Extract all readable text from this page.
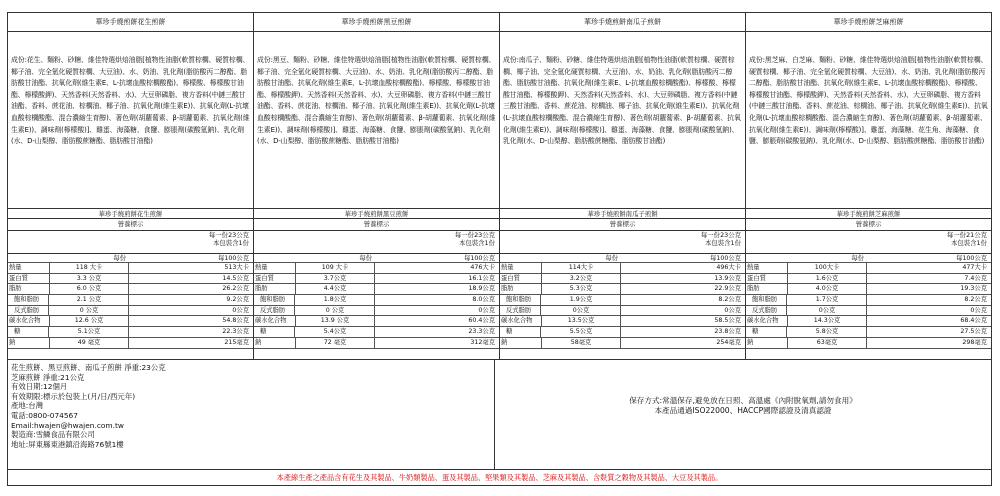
華珍手燒煎餅花生煎餅
成份:花生、麵粉、砂糖、維佳特選烘焙油脂[植物性油脂(軟質棕櫚、硬質棕櫚、椰子油、完全氫化硬質棕櫚、大豆油)、水、奶油、乳化劑(脂肪酸丙二醇酯、脂肪酸甘油酯、抗氧化劑(維生素E、L-抗壞血酸棕櫚酸酯)、檸檬酸、檸檬酸甘油酯、檸檬酸鉀)、天然香料(天然香料、水)、大豆卵磷脂、複方香料(中鏈三酸甘油酯、香料、蔗花油、棕櫚油、椰子油、抗氧化劑(維生素E))、抗氧化劑(L-抗壞血酸棕櫚酸酯、混合濃縮生育醇)、著色劑(胡蘿蔔素、β-胡蘿蔔素、抗氧化劑(維生素E))、調味劑(檸檬酸)]、雞蛋、海藻糖、食鹽、膨脹劑(碳酸氫鈉)、乳化劑(水、D-山梨醇、脂肪酸蔗糖酯、脂肪酸甘油酯)
華珍手燒煎餅花生煎餅
營養標示
每一份23公克
本包裝含1份
每份	每100公克
熱量	118 大卡	513大卡
蛋白質	3.3 公克	14.5公克
脂肪	6.0 公克	26.2公克
飽和脂肪	2.1 公克	9.2公克
反式脂肪	0 公克	0公克
碳水化合物	12.6 公克	54.8公克
糖	5.1公克	22.3公克
鈉	49 毫克	215毫克
華珍手燒煎餅黑豆煎餅
成份:黑豆、麵粉、砂糖、維佳特選烘焙油脂[植物性油脂(軟質棕櫚、硬質棕櫚、椰子油、完全氫化硬質棕櫚、大豆油)、水、奶油、乳化劑(脂肪酸丙二醇酯、脂肪酸甘油酯、抗氧化劑(維生素E、L-抗壞血酸棕櫚酸酯)、檸檬酸、檸檬酸甘油酯、檸檬酸鉀)、天然香料(天然香料、水)、大豆卵磷脂、複方香料(中鏈三酸甘油酯、香料、蔗花油、棕櫚油、椰子油、抗氧化劑(維生素E))、抗氧化劑(L-抗壞血酸棕櫚酸酯、混合濃縮生育醇)、著色劑(胡蘿蔔素、β-胡蘿蔔素、抗氧化劑(維生素E))、調味劑(檸檬酸)]、雞蛋、海藻糖、食鹽、膨脹劑(碳酸氫鈉)、乳化劑(水、D-山梨醇、脂肪酸蔗糖酯、脂肪酸甘油酯)
華珍手燒煎餅黑豆煎餅
營養標示
每一份23公克
本包裝含1份
每份	每100公克
熱量	109 大卡	476大卡
蛋白質	3.7公克	16.1公克
脂肪	4.4公克	18.9公克
飽和脂肪	1.8公克	8.0公克
反式脂肪	0 公克	0公克
碳水化合物	13.9 公克	60.4公克
糖	5.4公克	23.3公克
鈉	72 毫克	312毫克
華珍手燒煎餅南瓜子煎餅
成份:南瓜子、麵粉、砂糖、維佳特選烘焙油脂[植物性油脂(軟質棕櫚、硬質棕櫚、椰子油、完全氫化硬質棕櫚、大豆油)、水、奶油、乳化劑(脂肪酸丙二醇酯、脂肪酸甘油酯、抗氧化劑(維生素E、L-抗壞血酸棕櫚酸酯)、檸檬酸、檸檬酸甘油酯、檸檬酸鉀)、天然香料(天然香料、水)、大豆卵磷脂、複方香料(中鏈三酸甘油酯、香料、蔗花油、棕櫚油、椰子油、抗氧化劑(維生素E))、抗氧化劑(L-抗壞血酸棕櫚酸酯、混合濃縮生育醇)、著色劑(胡蘿蔔素、β-胡蘿蔔素、抗氧化劑(維生素E))、調味劑(檸檬酸)]、雞蛋、海藻糖、食鹽、膨脹劑(碳酸氫鈉)、乳化劑(水、D-山梨醇、脂肪酸蔗糖酯、脂肪酸甘油酯)
華珍手燒煎餅南瓜子煎餅
營養標示
每一份23公克
本包裝含1份
每份	每100公克
熱量	114大卡	496大卡
蛋白質	3.2公克	13.9公克
脂肪	5.3公克	22.9公克
飽和脂肪	1.9公克	8.2公克
反式脂肪	0公克	0公克
碳水化合物	13.5公克	58.5公克
糖	5.5公克	23.8公克
鈉	58毫克	254毫克
華珍手燒煎餅芝麻煎餅
成份:黑芝麻、白芝麻、麵粉、砂糖、維佳特選烘焙油脂[植物性油脂(軟質棕櫚、硬質棕櫚、椰子油、完全氫化硬質棕櫚、大豆油)、水、奶油、乳化劑(脂肪酸丙二醇酯、脂肪酸甘油酯、抗氧化劑(維生素E、L-抗壞血酸棕櫚酸酯)、檸檬酸、檸檬酸甘油酯、檸檬酸鉀)、天然香料(天然香料、水)、大豆卵磷脂、複方香料(中鏈三酸甘油酯、香料、蔗花油、棕櫚油、椰子油、抗氧化劑(維生素E))、抗氧化劑(L-抗壞血酸棕櫚酸酯、混合濃縮生育醇)、著色劑(胡蘿蔔素、β-胡蘿蔔素、抗氧化劑(維生素E))、調味劑(檸檬酸)]、雞蛋、海藻糖、花生角、海藻糖、食鹽、膨脹劑(碳酸氫鈉)、乳化劑(水、D-山梨醇、脂肪酸蔗糖酯、脂肪酸甘油酯)
華珍手燒煎餅芝麻煎餅
營養標示
每一份21公克
本包裝含1份
每份	每100公克
熱量	100大卡	477大卡
蛋白質	1.6公克	7.4公克
脂肪	4.0公克	19.3公克
飽和脂肪	1.7公克	8.2公克
反式脂肪	0公克	0公克
碳水化合物	14.3公克	68.4公克
糖	5.8公克	27.5公克
鈉	63毫克	298毫克
花生煎餅、黑豆煎餅、南瓜子煎餅 淨重:23公克
芝麻煎餅 淨重:21公克
有效日期:12個月
有效期限:標示於包裝上(月/日/西元年)
產地:台灣
電話:0800-074567
Email:hwajen@hwajen.com.tw
製造商:雪鱗食品有限公司
地址:屏東縣東港鎮沿海路76號1樓
保存方式:常溫保存,避免放在日照、高溫處《內附脫氧劑,請勿食用》
本產品通過ISO22000、HACCP國際認證及清真認證
本產線生產之產品含有花生及其製品、牛奶類製品、蛋及其製品、堅果類及其製品、芝麻及其製品、含麩質之穀物及其製品、大豆及其製品。
